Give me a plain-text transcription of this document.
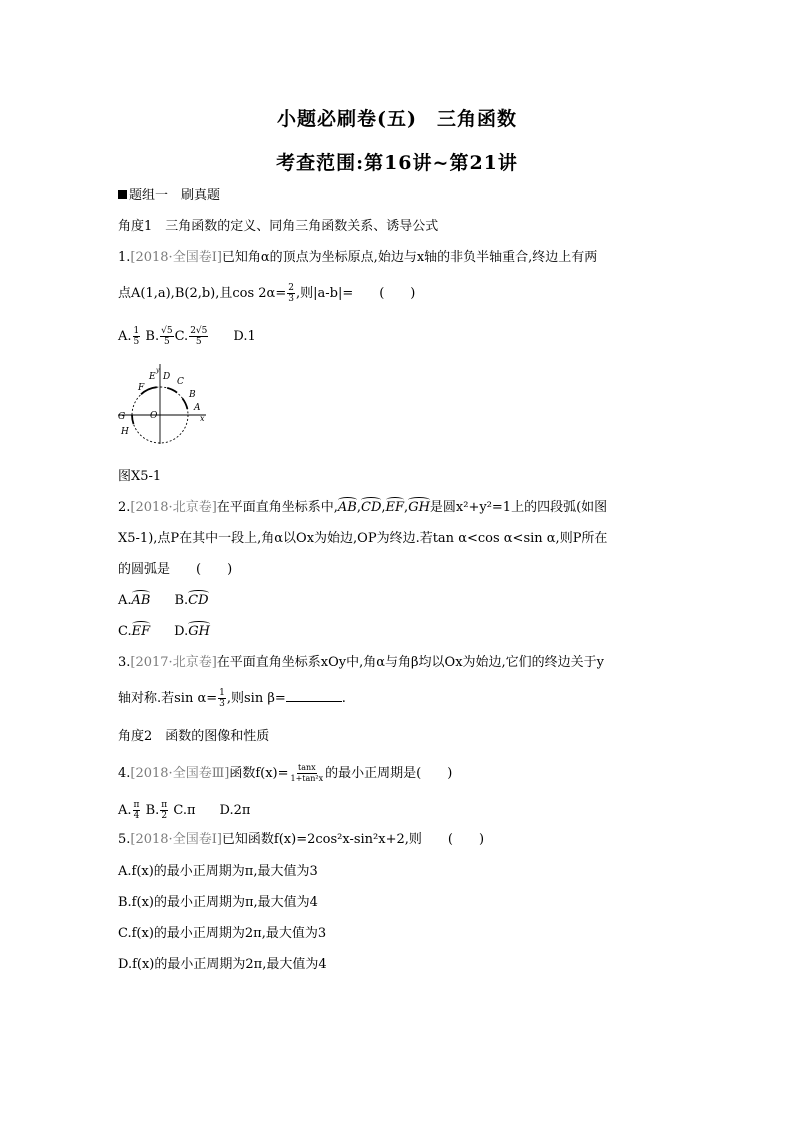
小题必刷卷(五)　三角函数
考查范围:第16讲~第21讲
题组一　刷真题
角度1　三角函数的定义、同角三角函数关系、诱导公式
1.[2018·全国卷Ⅰ]已知角α的顶点为坐标原点,始边与x轴的非负半轴重合,终边上有两
点A(1,a),B(2,b),且$\cos 2\alpha= \frac{2}{3}$ ,则|a-b|=　　(　　)
A. $\frac{1}{5} B$. $\frac{√5}{5} C$. $\frac{2√5}{5} D.1$
F
E
y
D C
B
A
x
O
G
H
图X5-1
2.[2018·北京卷]在平面直角坐标系中,AB,CD,EF,GH是圆x²+y²=1上的四段弧(如图
X5-1),点P在其中一段上,角α以Ox为始边,OP为终边.若tan α<cos α<sin α,则P所在
的圆弧是　　(　　)
A.AB B.CD
C.EF D.GH
3.[2017·北京卷]在平面直角坐标系xOy中,角α与角β均以Ox为始边,它们的终边关于y
轴对称.若$\sin \alpha= \frac{1}{3}$ ,则sin β=	.
角度2　函数的图像和性质
4.[2018·全国卷Ⅲ]函数$f(x)= \frac{\tan x}{\text{1+tan²x}}$ 的最小正周期是(　　)
A. $\frac{\pi}{4} B$. $\frac{\pi}{2} C.\pi$ D.2π
5.[2018·全国卷Ⅰ]已知函数f(x)=2cos²x-sin²x+2,则　　(　　)
A.f(x)的最小正周期为π,最大值为3
B.f(x)的最小正周期为π,最大值为4
C.f(x)的最小正周期为2π,最大值为3
D.f(x)的最小正周期为2π,最大值为4
